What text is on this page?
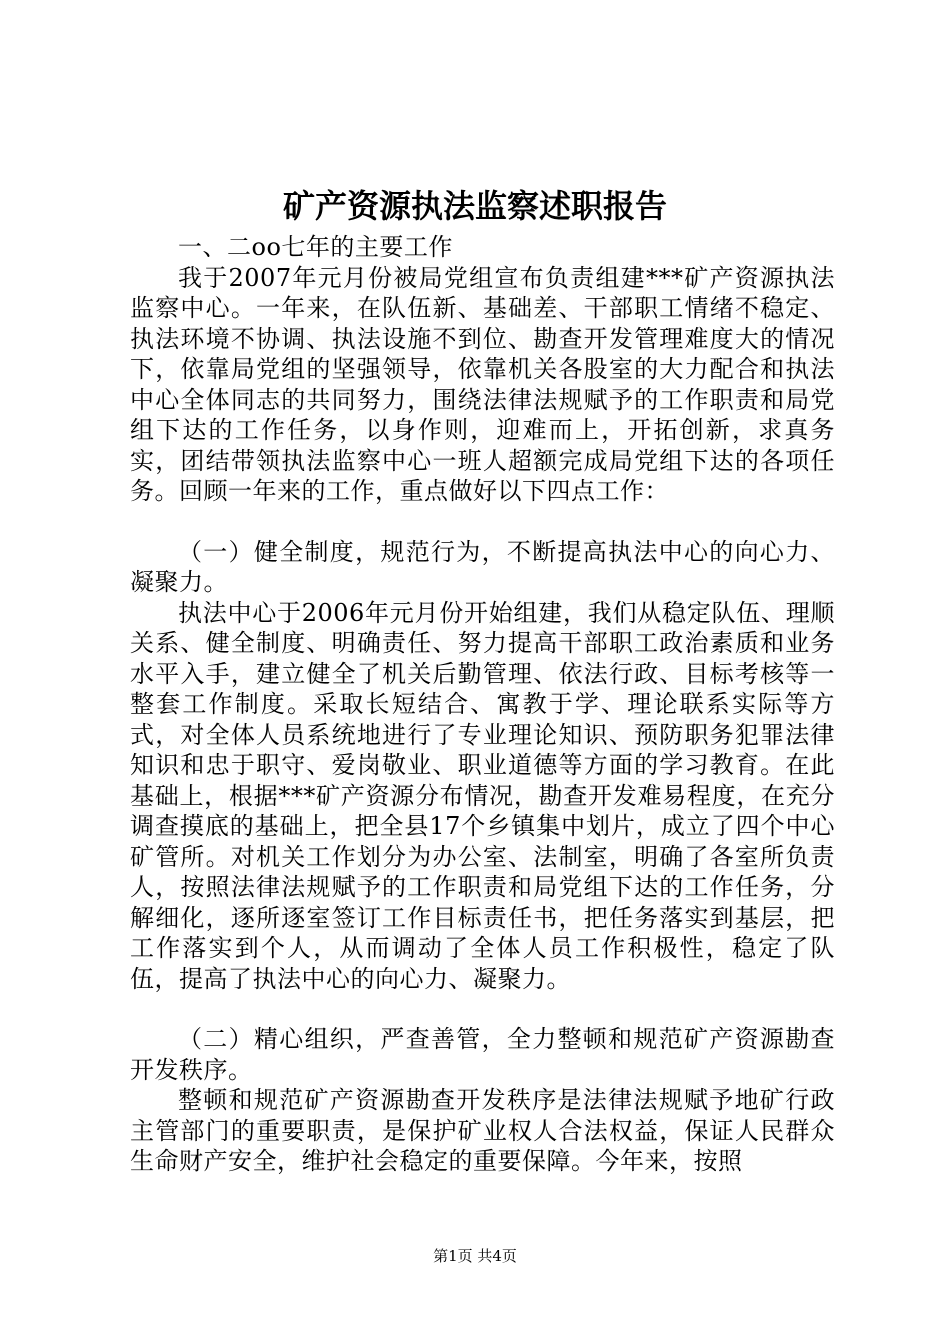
矿产资源执法监察述职报告

一、二oo七年的主要工作

我于2007年元月份被局党组宣布负责组建***矿产资源执法监察中心。一年来，在队伍新、基础差、干部职工情绪不稳定、执法环境不协调、执法设施不到位、勘查开发管理难度大的情况下，依靠局党组的坚强领导，依靠机关各股室的大力配合和执法中心全体同志的共同努力，围绕法律法规赋予的工作职责和局党组下达的工作任务，以身作则，迎难而上，开拓创新，求真务实，团结带领执法监察中心一班人超额完成局党组下达的各项任务。回顾一年来的工作，重点做好以下四点工作：

（一）健全制度，规范行为，不断提高执法中心的向心力、凝聚力。

执法中心于2006年元月份开始组建，我们从稳定队伍、理顺关系、健全制度、明确责任、努力提高干部职工政治素质和业务水平入手，建立健全了机关后勤管理、依法行政、目标考核等一整套工作制度。采取长短结合、寓教于学、理论联系实际等方式，对全体人员系统地进行了专业理论知识、预防职务犯罪法律知识和忠于职守、爱岗敬业、职业道德等方面的学习教育。在此基础上，根据***矿产资源分布情况，勘查开发难易程度，在充分调查摸底的基础上，把全县17个乡镇集中划片，成立了四个中心矿管所。对机关工作划分为办公室、法制室，明确了各室所负责人，按照法律法规赋予的工作职责和局党组下达的工作任务，分解细化，逐所逐室签订工作目标责任书，把任务落实到基层，把工作落实到个人，从而调动了全体人员工作积极性，稳定了队伍，提高了执法中心的向心力、凝聚力。

（二）精心组织，严查善管，全力整顿和规范矿产资源勘查开发秩序。

整顿和规范矿产资源勘查开发秩序是法律法规赋予地矿行政主管部门的重要职责，是保护矿业权人合法权益，保证人民群众生命财产安全，维护社会稳定的重要保障。今年来，按照

第1页 共4页
